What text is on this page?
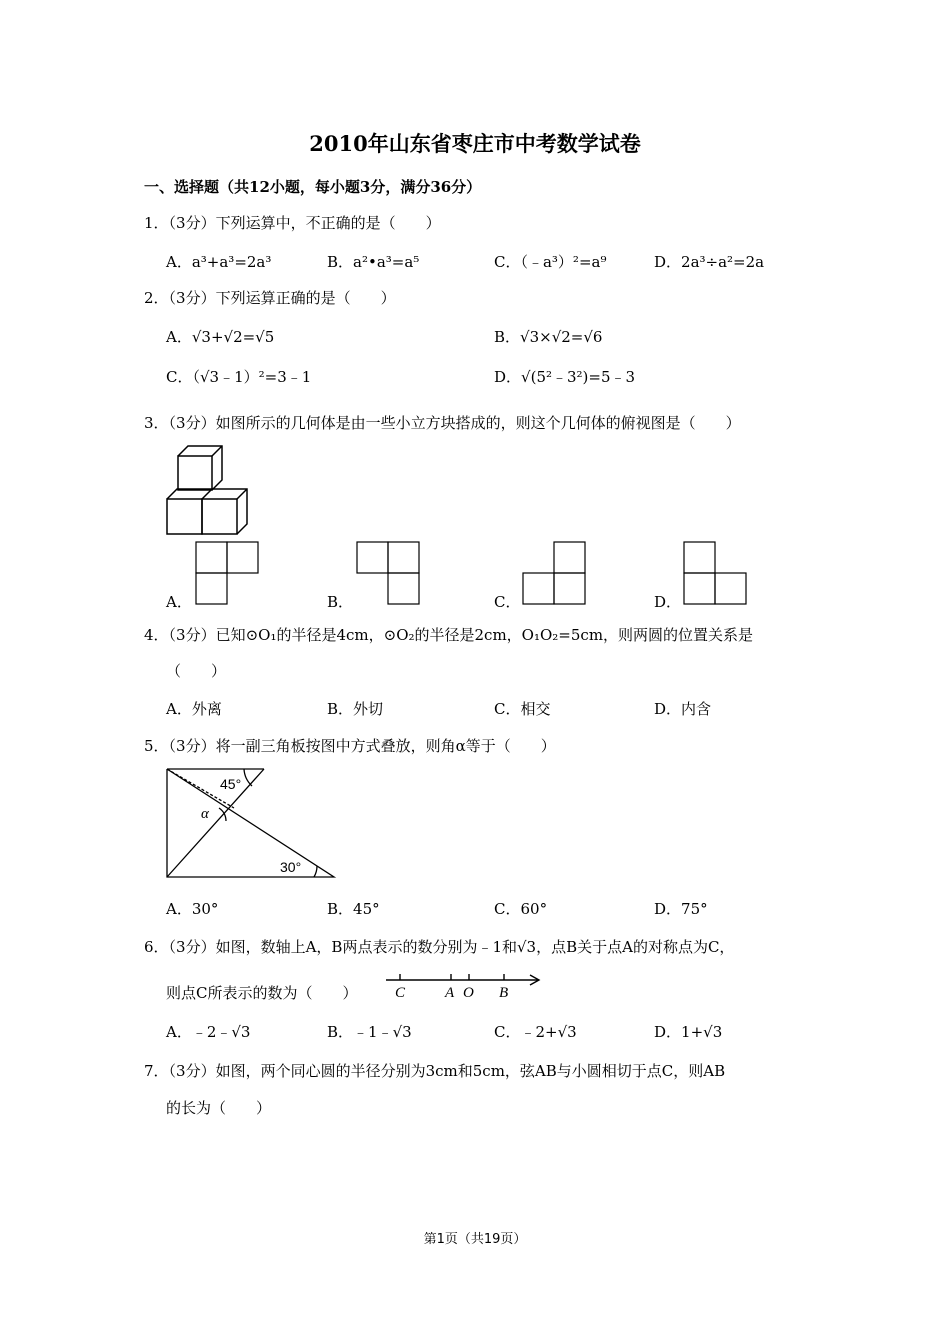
2010年山东省枣庄市中考数学试卷
一、选择题（共12小题，每小题3分，满分36分）
1．（3分）下列运算中，不正确的是（　　）
A．a³+a³=2a³	B．a²•a³=a⁵	C．（﹣a³）²=a⁹	D．2a³÷a²=2a
2．（3分）下列运算正确的是（　　）
A．√3+√2=√5	B．√3×√2=√6
C．（√3﹣1）²=3﹣1	D．√(5²﹣3²)=5﹣3
3．（3分）如图所示的几何体是由一些小立方块搭成的，则这个几何体的俯视图是（　　）
A．	B．	C．	D．
4．（3分）已知⊙O₁的半径是4cm，⊙O₂的半径是2cm，O₁O₂=5cm，则两圆的位置关系是
（　　）
A．外离	B．外切	C．相交	D．内含
5．（3分）将一副三角板按图中方式叠放，则角α等于（　　）
45°
α
30°
A．30°	B．45°	C．60°	D．75°
6．（3分）如图，数轴上A，B两点表示的数分别为﹣1和√3，点B关于点A的对称点为C，
则点C所表示的数为（　　）	C	A O B
A．﹣2﹣√3	B．﹣1﹣√3	C．﹣2+√3	D．1+√3
7．（3分）如图，两个同心圆的半径分别为3cm和5cm，弦AB与小圆相切于点C，则AB
的长为（　　）
第1页（共19页）
